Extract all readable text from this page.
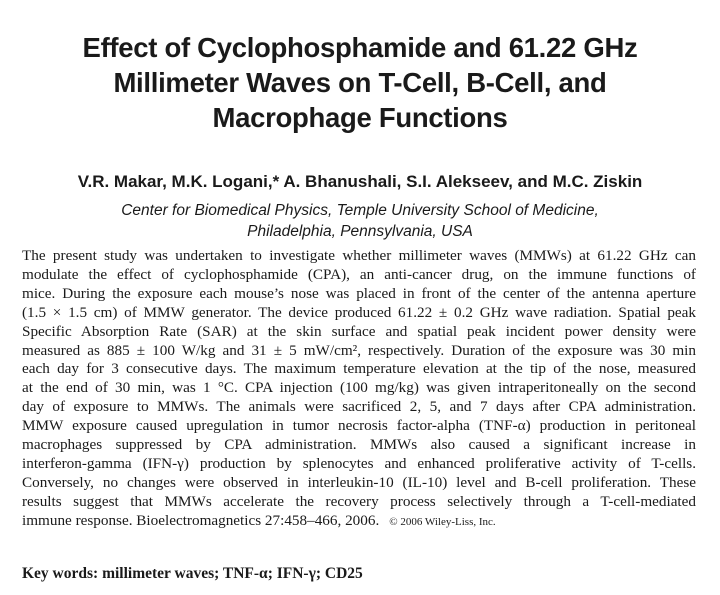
Effect of Cyclophosphamide and 61.22 GHz
Millimeter Waves on T-Cell, B-Cell, and
Macrophage Functions
V.R. Makar, M.K. Logani,* A. Bhanushali, S.I. Alekseev, and M.C. Ziskin
Center for Biomedical Physics, Temple University School of Medicine,
Philadelphia, Pennsylvania, USA
The present study was undertaken to investigate whether millimeter waves (MMWs) at 61.22 GHz can
modulate the effect of cyclophosphamide (CPA), an anti-cancer drug, on the immune functions of
mice. During the exposure each mouse’s nose was placed in front of the center of the antenna aperture
(1.5 × 1.5 cm) of MMW generator. The device produced 61.22 ± 0.2 GHz wave radiation. Spatial peak
Specific Absorption Rate (SAR) at the skin surface and spatial peak incident power density were
measured as 885 ± 100 W/kg and 31 ± 5 mW/cm², respectively. Duration of the exposure was 30 min
each day for 3 consecutive days. The maximum temperature elevation at the tip of the nose, measured
at the end of 30 min, was 1 °C. CPA injection (100 mg/kg) was given intraperitoneally on the second
day of exposure to MMWs. The animals were sacrificed 2, 5, and 7 days after CPA administration.
MMW exposure caused upregulation in tumor necrosis factor-alpha (TNF-α) production in peritoneal
macrophages suppressed by CPA administration. MMWs also caused a significant increase in
interferon-gamma (IFN-γ) production by splenocytes and enhanced proliferative activity of T-cells.
Conversely, no changes were observed in interleukin-10 (IL-10) level and B-cell proliferation. These
results suggest that MMWs accelerate the recovery process selectively through a T-cell-mediated
immune response. Bioelectromagnetics 27:458–466, 2006. © 2006 Wiley-Liss, Inc.
Key words: millimeter waves; TNF-α; IFN-γ; CD25
